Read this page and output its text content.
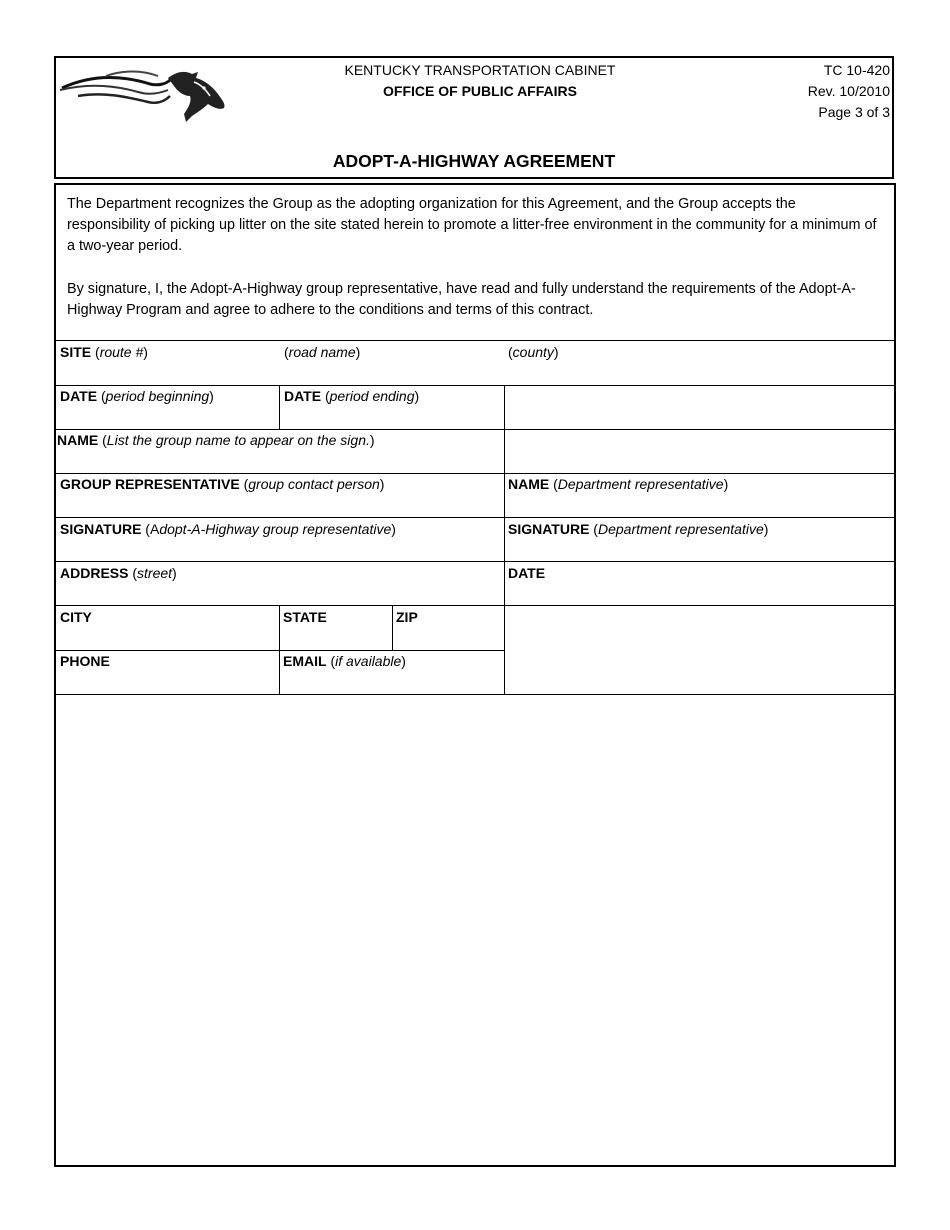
KENTUCKY TRANSPORTATION CABINET
OFFICE OF PUBLIC AFFAIRS
TC 10-420
Rev. 10/2010
Page 3 of 3
ADOPT-A-HIGHWAY AGREEMENT
The Department recognizes the Group as the adopting organization for this Agreement, and the Group accepts the responsibility of picking up litter on the site stated herein to promote a litter-free environment in the community for a minimum of a two-year period.
By signature, I, the Adopt-A-Highway group representative, have read and fully understand the requirements of the Adopt-A-Highway Program and agree to adhere to the conditions and terms of this contract.
SITE (route #)	(road name)	(county)
DATE (period beginning)	DATE (period ending)
NAME (List the group name to appear on the sign.)
GROUP REPRESENTATIVE (group contact person)	NAME (Department representative)
SIGNATURE (Adopt-A-Highway group representative)	SIGNATURE (Department representative)
ADDRESS (street)	DATE
CITY	STATE	ZIP
PHONE	EMAIL (if available)
